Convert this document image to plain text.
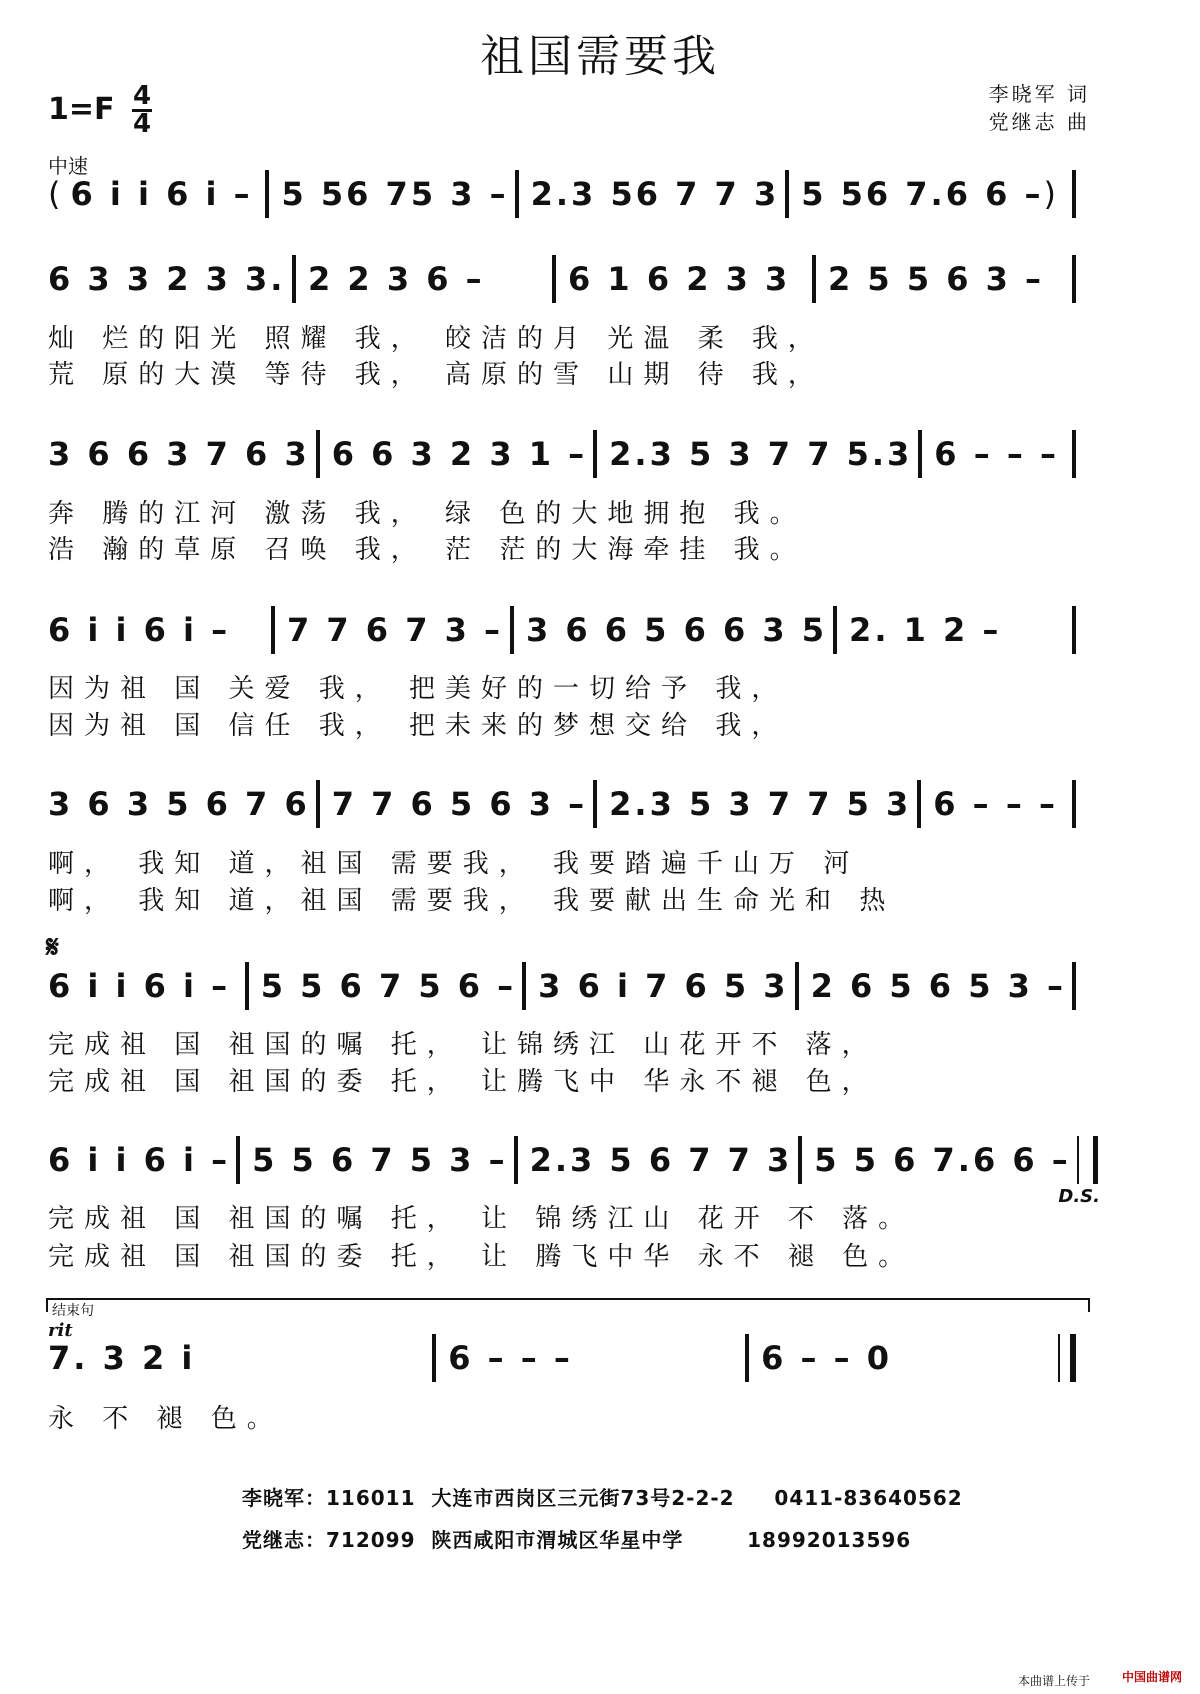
祖国需要我
1=F 4
4
李晓军 词
党继志 曲
中速
( 6 i i 6 i – 5 56 75 3 – 2.3 56 7 7 3 5 56 7.6 6 – )
6 3 3 2 3 3. 2 2 3 6 –	6 1 6 2 3 3	2 5 5 6 3 –
灿 烂的阳光 照耀 我， 皎洁的月 光温 柔 我，
荒 原的大漠 等待 我， 高原的雪 山期 待 我，
3 6 6 3 7 6 3 6 6 3 2 3 1 – 2.3 5 3 7 7 5.3 6 – – –
奔 腾的江河 激荡 我， 绿 色的大地拥抱 我。
浩 瀚的草原 召唤 我， 茫 茫的大海牵挂 我。
6 i i 6 i –	7 7 6 7 3 – 3 6 6 5 6 6 3 5 2. 1 2 –
因为祖 国 关爱 我， 把美好的一切给予 我，
因为祖 国 信任 我， 把未来的梦想交给 我，
3 6 3 5 6 7 6 7 7 6 5 6 3 – 2.3 5 3 7 7 5 3 6 – – –
啊， 我知 道，祖国 需要我， 我要踏遍千山万 河
啊， 我知 道，祖国 需要我， 我要献出生命光和 热
𝄋
6 i i 6 i – 5 5 6 7 5 6 – 3 6 i 7 6 5 3 2 6 5 6 5 3 –
完成祖 国 祖国的嘱 托， 让锦绣江 山花开不 落，
完成祖 国 祖国的委 托， 让腾飞中 华永不褪 色，
6 i i 6 i – 5 5 6 7 5 3 – 2.3 5 6 7 7 3 5 5 6 7.6 6 –
D.S.
完成祖 国 祖国的嘱 托， 让 锦绣江山 花开 不 落。
完成祖 国 祖国的委 托， 让 腾飞中华 永不 褪 色。
结束句
rit
7. 3 2 i	6 – – –	6 – – 0
永 不 褪 色。
李晓军：116011  大连市西岗区三元街73号2-2-2     0411-83640562
党继志：712099  陕西咸阳市渭城区华星中学        18992013596
本曲谱上传于	中国曲谱网
